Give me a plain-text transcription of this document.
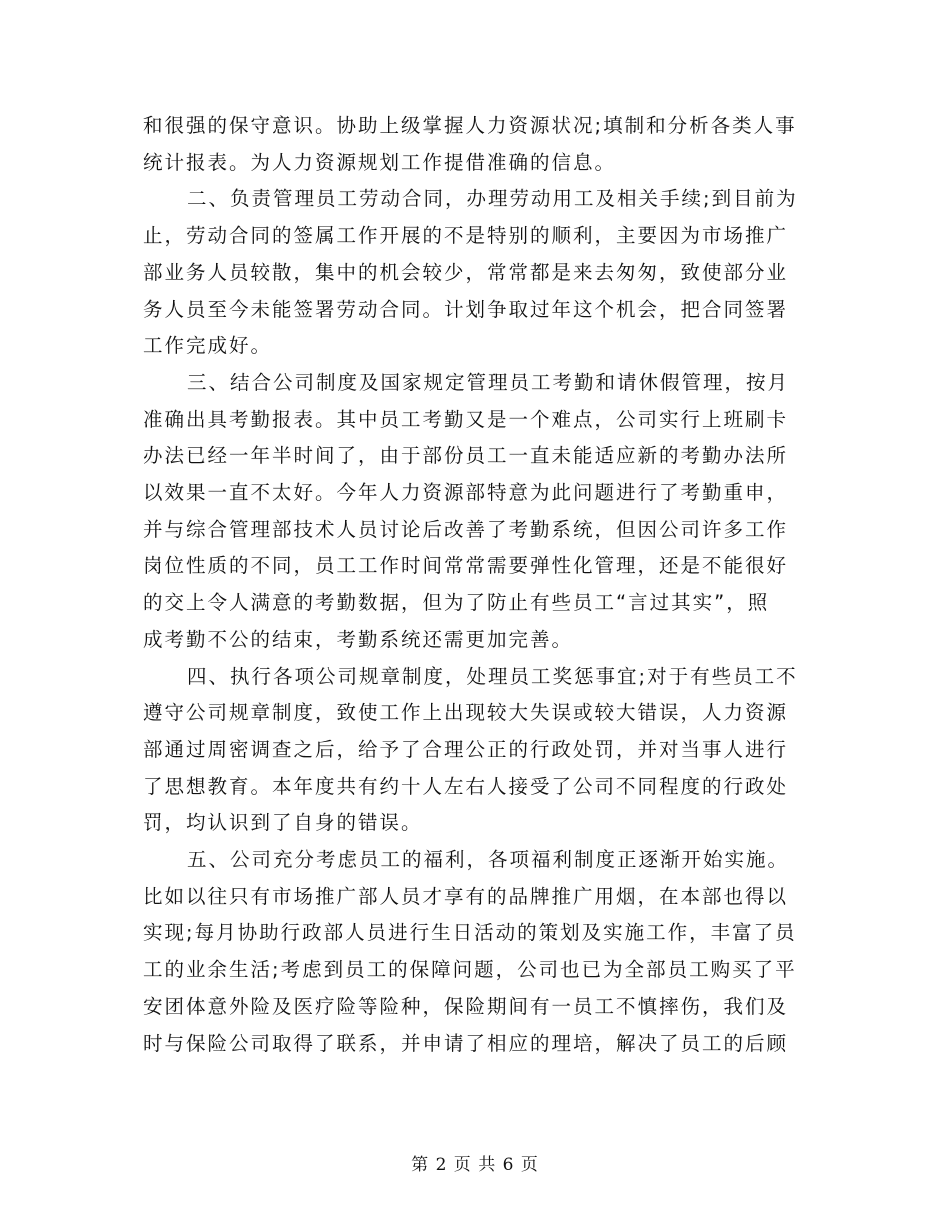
和很强的保守意识。协助上级掌握人力资源状况;填制和分析各类人事
统计报表。为人力资源规划工作提借准确的信息。

二、负责管理员工劳动合同，办理劳动用工及相关手续;到目前为
止，劳动合同的签属工作开展的不是特别的顺利，主要因为市场推广
部业务人员较散，集中的机会较少，常常都是来去匆匆，致使部分业
务人员至今未能签署劳动合同。计划争取过年这个机会，把合同签署
工作完成好。

三、结合公司制度及国家规定管理员工考勤和请休假管理，按月
准确出具考勤报表。其中员工考勤又是一个难点，公司实行上班刷卡
办法已经一年半时间了，由于部份员工一直未能适应新的考勤办法所
以效果一直不太好。今年人力资源部特意为此问题进行了考勤重申，
并与综合管理部技术人员讨论后改善了考勤系统，但因公司许多工作
岗位性质的不同，员工工作时间常常需要弹性化管理，还是不能很好
的交上令人满意的考勤数据，但为了防止有些员工“言过其实”，照
成考勤不公的结束，考勤系统还需更加完善。

四、执行各项公司规章制度，处理员工奖惩事宜;对于有些员工不
遵守公司规章制度，致使工作上出现较大失误或较大错误，人力资源
部通过周密调查之后，给予了合理公正的行政处罚，并对当事人进行
了思想教育。本年度共有约十人左右人接受了公司不同程度的行政处
罚，均认识到了自身的错误。

五、公司充分考虑员工的福利，各项福利制度正逐渐开始实施。
比如以往只有市场推广部人员才享有的品牌推广用烟，在本部也得以
实现;每月协助行政部人员进行生日活动的策划及实施工作，丰富了员
工的业余生活;考虑到员工的保障问题，公司也已为全部员工购买了平
安团体意外险及医疗险等险种，保险期间有一员工不慎摔伤，我们及
时与保险公司取得了联系，并申请了相应的理培，解决了员工的后顾

第 2 页 共 6 页
